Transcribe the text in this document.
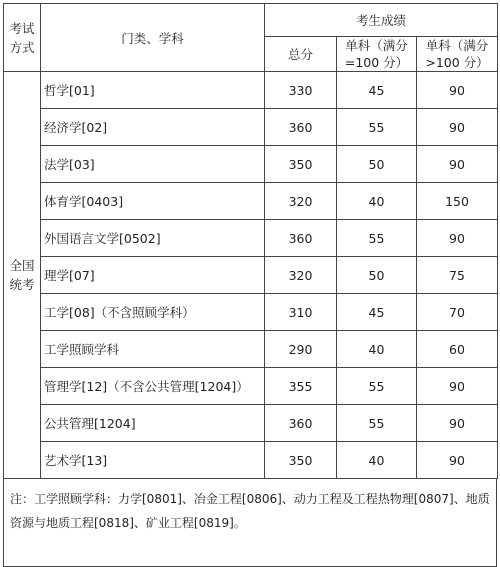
考试方式	门类、学科	考生成绩		
		总分	单科（满分=100 分）	单科（满分>100 分）
全国统考	哲学[01]	330	45	90
	经济学[02]	360	55	90
	法学[03]	350	50	90
	体育学[0403]	320	40	150
	外国语言文学[0502]	360	55	90
	理学[07]	320	50	75
	工学[08]（不含照顾学科）	310	45	70
	工学照顾学科	290	40	60
	管理学[12]（不含公共管理[1204]）	355	55	90
	公共管理[1204]	360	55	90
	艺术学[13]	350	40	90
注：工学照顾学科：力学[0801]、冶金工程[0806]、动力工程及工程热物理[0807]、地质资源与地质工程[0818]、矿业工程[0819]。
